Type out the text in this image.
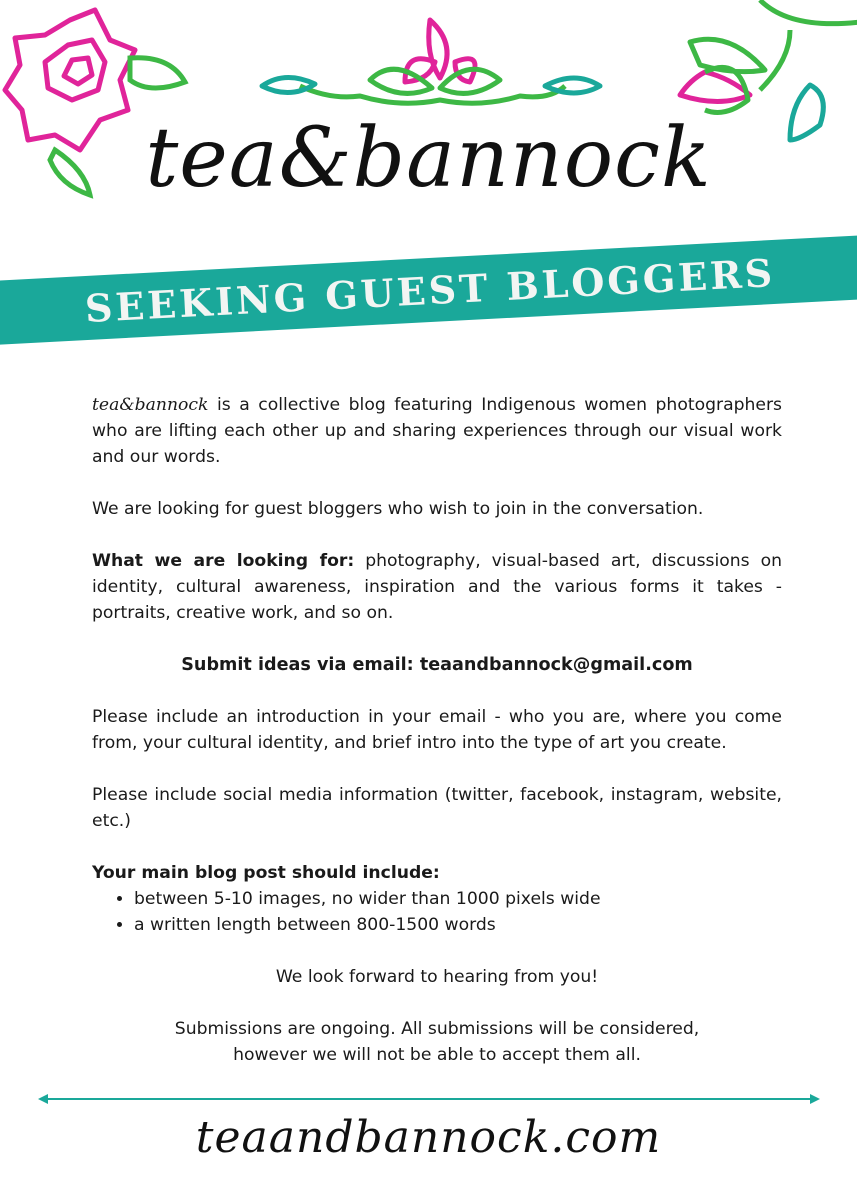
tea&bannock
SEEKING GUEST BLOGGERS

tea&bannock is a collective blog featuring Indigenous women photographers who are lifting each other up and sharing experiences through our visual work and our words.

We are looking for guest bloggers who wish to join in the conversation.

What we are looking for: photography, visual-based art, discussions on identity, cultural awareness, inspiration and the various forms it takes - portraits, creative work, and so on.

Submit ideas via email: teaandbannock@gmail.com

Please include an introduction in your email - who you are, where you come from, your cultural identity, and brief intro into the type of art you create.

Please include social media information (twitter, facebook, instagram, website, etc.)

Your main blog post should include:

• between 5-10 images, no wider than 1000 pixels wide
• a written length between 800-1500 words

We look forward to hearing from you!

Submissions are ongoing. All submissions will be considered,

however we will not be able to accept them all.

teaandbannock.com
